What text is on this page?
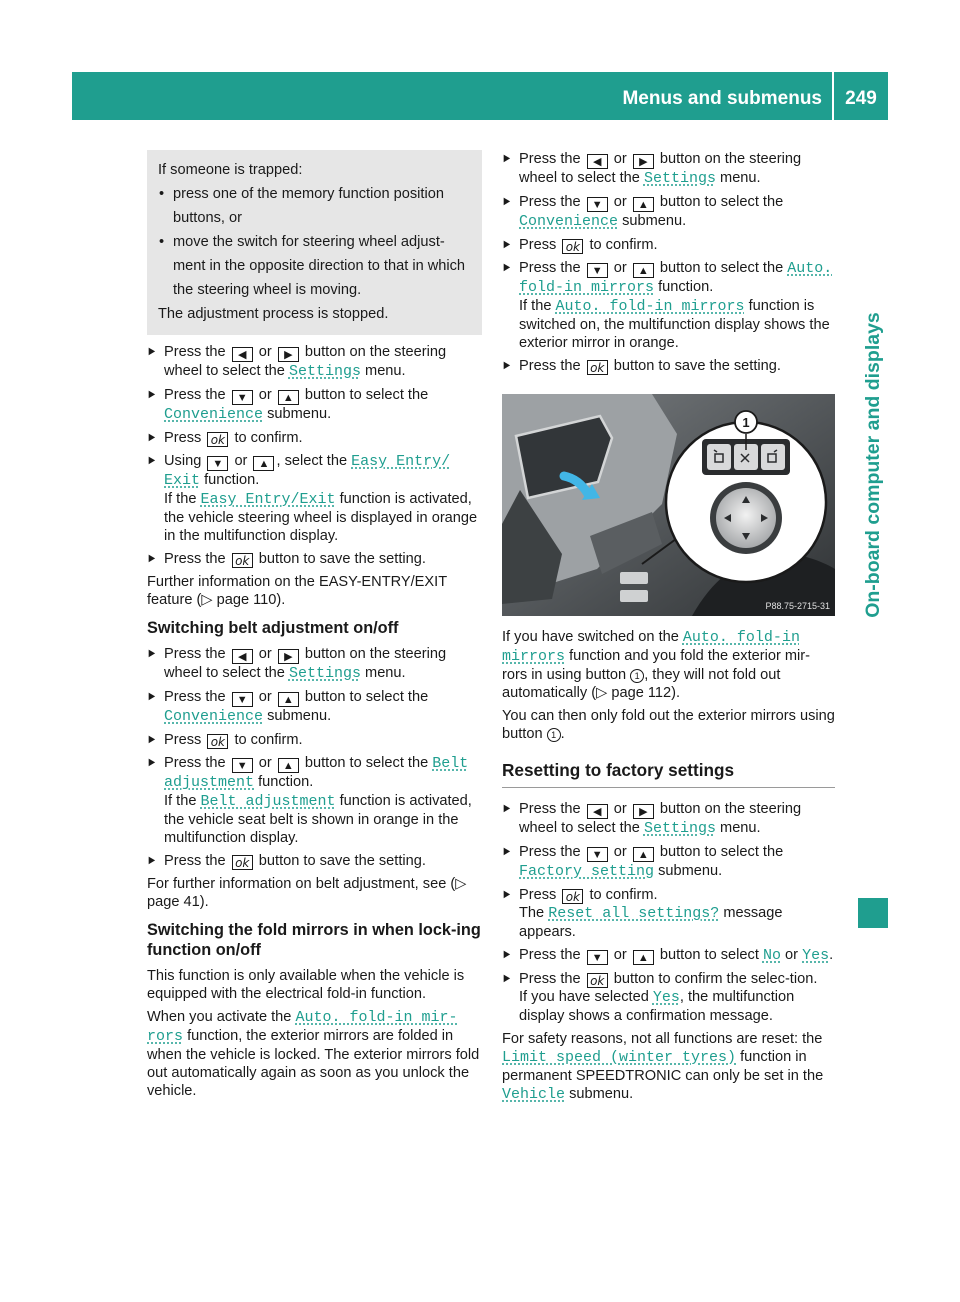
Menus and submenus	249
On-board computer and displays

If someone is trapped:

• press one of the memory function position buttons, or
• move the switch for steering wheel adjust-ment in the opposite direction to that in which the steering wheel is moving.

The adjustment process is stopped.

▶ Press the ◀ or ▶ button on the steering wheel to select the Settings menu.
▶ Press the ▼ or ▲ button to select the Convenience submenu.
▶ Press ok to confirm.
▶ Using ▼ or ▲ , select the Easy Entry/ Exit function.
If the Easy Entry/Exit function is activated, the vehicle steering wheel is displayed in orange in the multifunction display.
▶ Press the ok button to save the setting.

Further information on the EASY-ENTRY/EXIT feature (▷ page 110).

Switching belt adjustment on/off
▶ Press the ◀ or ▶ button on the steering wheel to select the Settings menu.
▶ Press the ▼ or ▲ button to select the Convenience submenu.
▶ Press ok to confirm.
▶ Press the ▼ or ▲ button to select the Belt adjustment function.
If the Belt adjustment function is activated, the vehicle seat belt is shown in orange in the multifunction display.
▶ Press the ok button to save the setting.

For further information on belt adjustment, see (▷ page 41).

Switching the fold mirrors in when lock-ing function on/off

This function is only available when the vehicle is equipped with the electrical fold-in function.

When you activate the Auto. fold-in mir-rors function, the exterior mirrors are folded in when the vehicle is locked. The exterior mirrors fold out automatically again as soon as you unlock the vehicle.

▶ Press the ◀ or ▶ button on the steering wheel to select the Settings menu.
▶ Press the ▼ or ▲ button to select the Convenience submenu.
▶ Press ok to confirm.
▶ Press the ▼ or ▲ button to select the Auto. fold-in mirrors function.
If the Auto. fold-in mirrors function is switched on, the multifunction display shows the exterior mirror in orange.
▶ Press the ok button to save the setting.
1
P88.75-2715-31

If you have switched on the Auto. fold-in mirrors function and you fold the exterior mir-rors in using button 1 , they will not fold out automatically (▷ page 112).

You can then only fold out the exterior mirrors using button 1 .

Resetting to factory settings
▶ Press the ◀ or ▶ button on the steering wheel to select the Settings menu.
▶ Press the ▼ or ▲ button to select the Factory setting submenu.
▶ Press ok to confirm.
The Reset all settings? message appears.
▶ Press the ▼ or ▲ button to select No or Yes.
▶ Press the ok button to confirm the selec-tion.
If you have selected Yes, the multifunction display shows a confirmation message.

For safety reasons, not all functions are reset: the Limit speed (winter tyres) function in permanent SPEEDTRONIC can only be set in the Vehicle submenu.
